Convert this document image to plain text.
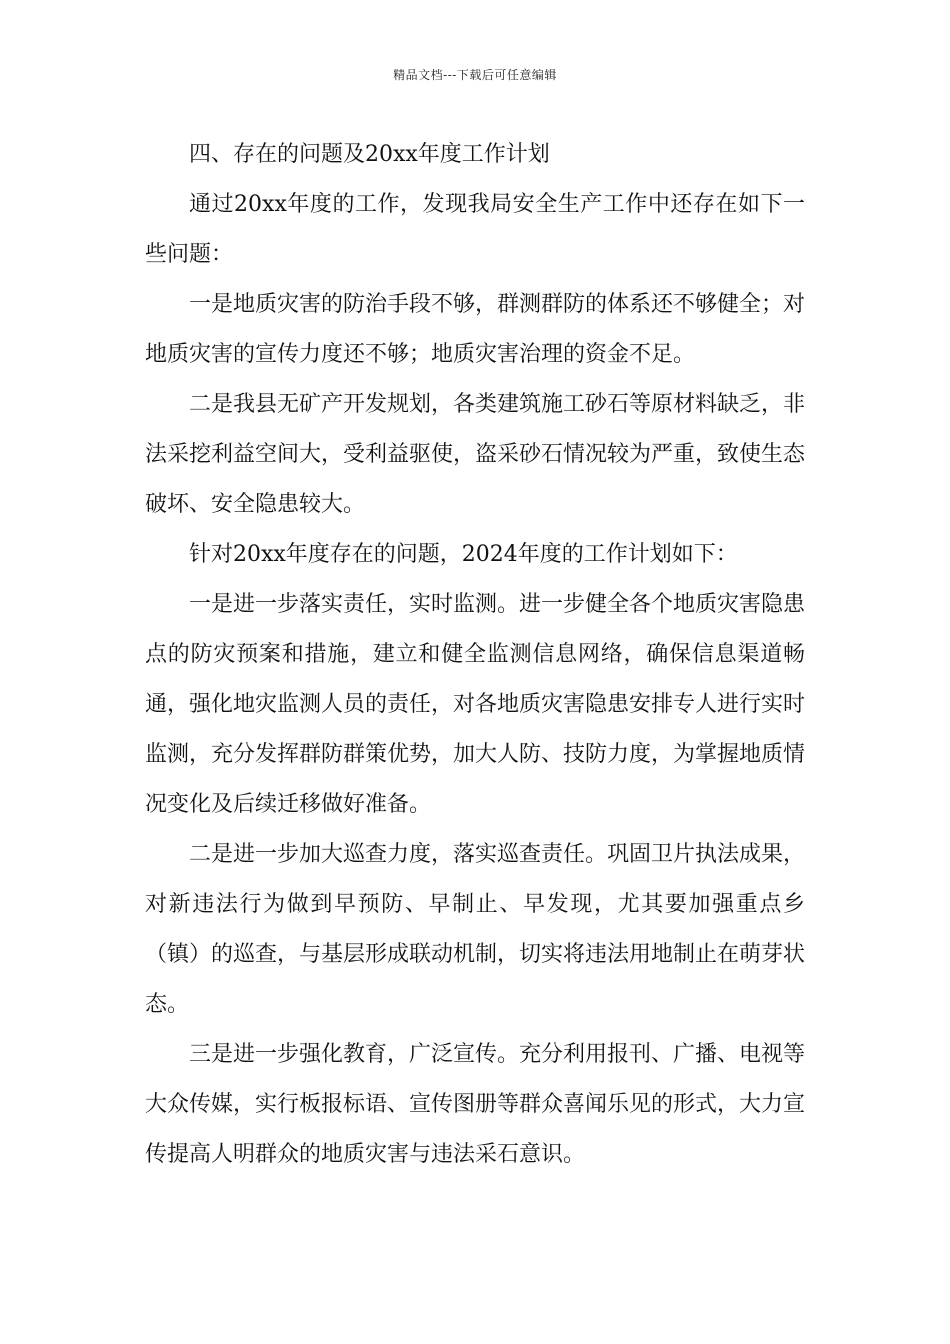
精品文档---下载后可任意编辑

四、存在的问题及20xx年度工作计划

通过20xx年度的工作，发现我局安全生产工作中还存在如下一些问题：

一是地质灾害的防治手段不够，群测群防的体系还不够健全；对地质灾害的宣传力度还不够；地质灾害治理的资金不足。

二是我县无矿产开发规划，各类建筑施工砂石等原材料缺乏，非法采挖利益空间大，受利益驱使，盗采砂石情况较为严重，致使生态破坏、安全隐患较大。

针对20xx年度存在的问题，2024年度的工作计划如下：

一是进一步落实责任，实时监测。进一步健全各个地质灾害隐患点的防灾预案和措施，建立和健全监测信息网络，确保信息渠道畅通，强化地灾监测人员的责任，对各地质灾害隐患安排专人进行实时监测，充分发挥群防群策优势，加大人防、技防力度，为掌握地质情况变化及后续迁移做好准备。

二是进一步加大巡查力度，落实巡查责任。巩固卫片执法成果，对新违法行为做到早预防、早制止、早发现，尤其要加强重点乡（镇）的巡查，与基层形成联动机制，切实将违法用地制止在萌芽状态。

三是进一步强化教育，广泛宣传。充分利用报刊、广播、电视等大众传媒，实行板报标语、宣传图册等群众喜闻乐见的形式，大力宣传提高人明群众的地质灾害与违法采石意识。
